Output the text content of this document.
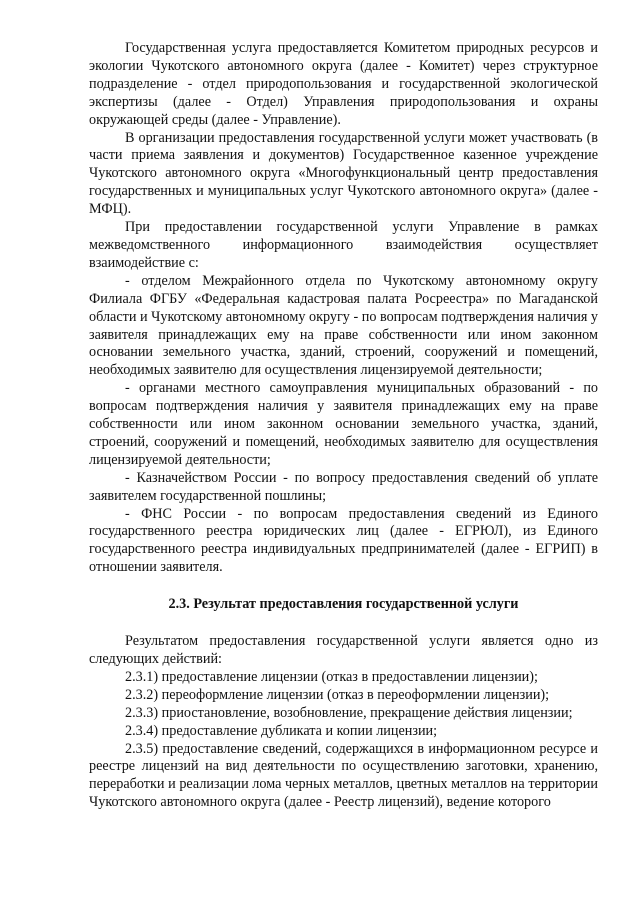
Государственная услуга предоставляется Комитетом природных ресурсов и экологии Чукотского автономного округа (далее - Комитет) через структурное подразделение - отдел природопользования и государственной экологической экспертизы (далее - Отдел) Управления природопользования и охраны окружающей среды (далее - Управление).

В организации предоставления государственной услуги может участвовать (в части приема заявления и документов) Государственное казенное учреждение Чукотского автономного округа «Многофункциональный центр предоставления государственных и муниципальных услуг Чукотского автономного округа» (далее - МФЦ).

При предоставлении государственной услуги Управление в рамках межведомственного информационного взаимодействия осуществляет взаимодействие с:

- отделом Межрайонного отдела по Чукотскому автономному округу Филиала ФГБУ «Федеральная кадастровая палата Росреестра» по Магаданской области и Чукотскому автономному округу - по вопросам подтверждения наличия у заявителя принадлежащих ему на праве собственности или ином законном основании земельного участка, зданий, строений, сооружений и помещений, необходимых заявителю для осуществления лицензируемой деятельности;

- органами местного самоуправления муниципальных образований - по вопросам подтверждения наличия у заявителя принадлежащих ему на праве собственности или ином законном основании земельного участка, зданий, строений, сооружений и помещений, необходимых заявителю для осуществления лицензируемой деятельности;

- Казначейством России - по вопросу предоставления сведений об уплате заявителем государственной пошлины;

- ФНС России - по вопросам предоставления сведений из Единого государственного реестра юридических лиц (далее - ЕГРЮЛ), из Единого государственного реестра индивидуальных предпринимателей (далее - ЕГРИП) в отношении заявителя.

2.3. Результат предоставления государственной услуги

Результатом предоставления государственной услуги является одно из следующих действий:

2.3.1) предоставление лицензии (отказ в предоставлении лицензии);

2.3.2) переоформление лицензии (отказ в переоформлении лицензии);

2.3.3) приостановление, возобновление, прекращение действия лицензии;

2.3.4) предоставление дубликата и копии лицензии;

2.3.5) предоставление сведений, содержащихся в информационном ресурсе и реестре лицензий на вид деятельности по осуществлению заготовки, хранению, переработки и реализации лома черных металлов, цветных металлов на территории Чукотского автономного округа (далее - Реестр лицензий), ведение которого
